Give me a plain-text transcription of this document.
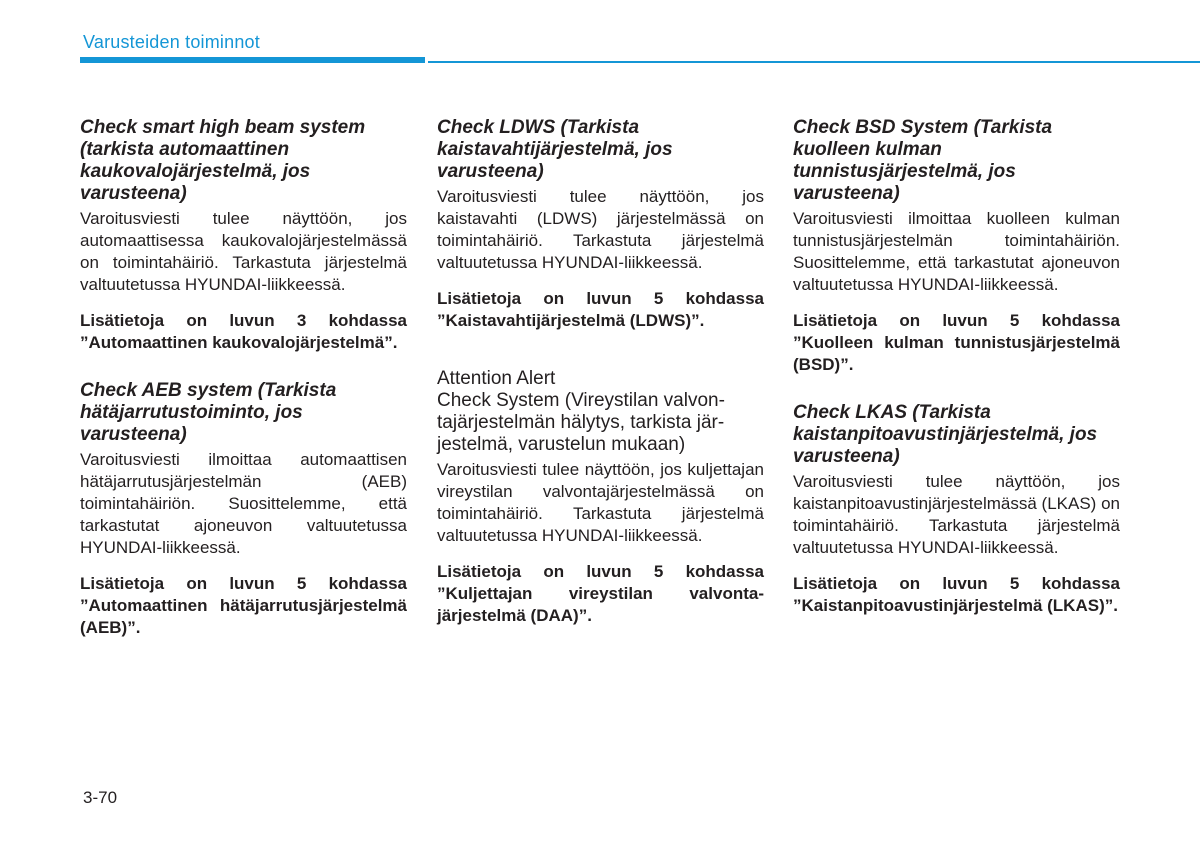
Varusteiden toiminnot

Check smart high beam system (tarkista automaattinen kaukovalojärjestelmä, jos varusteena)

Varoitusviesti tulee näyttöön, jos automaattisessa kaukovalojärjestelmässä on toimintahäiriö. Tarkastuta järjestelmä valtuutetussa HYUNDAI-liikkeessä.

Lisätietoja on luvun 3 kohdassa ”Automaattinen kaukovalojärjestelmä”.

Check AEB system (Tarkista hätäjarrutustoiminto, jos varusteena)

Varoitusviesti ilmoittaa automaattisen hätäjarrutusjärjestelmän (AEB) toimintahäiriön. Suosittelemme, että tarkastutat ajoneuvon valtuutetussa HYUNDAI-liikkeessä.

Lisätietoja on luvun 5 kohdassa ”Automaattinen hätäjarrutusjärjestelmä (AEB)”.

Check LDWS (Tarkista kaistavahtijärjestelmä, jos varusteena)

Varoitusviesti tulee näyttöön, jos kaistavahti (LDWS) järjestelmässä on toimintahäiriö. Tarkastuta järjestelmä valtuutetussa HYUNDAI-liikkeessä.

Lisätietoja on luvun 5 kohdassa ”Kaistavahtijärjestelmä (LDWS)”.

Attention Alert
Check System (Vireystilan valvontajärjestelmän hälytys, tarkista järjestelmä, varustelun mukaan)

Varoitusviesti tulee näyttöön, jos kuljettajan vireystilan valvontajärjestelmässä on toimintahäiriö. Tarkastuta järjestelmä valtuutetussa HYUNDAI-liikkeessä.

Lisätietoja on luvun 5 kohdassa ”Kuljettajan vireystilan valvontajärjestelmä (DAA)”.

Check BSD System (Tarkista kuolleen kulman tunnistusjärjestelmä, jos varusteena)

Varoitusviesti ilmoittaa kuolleen kulman tunnistusjärjestelmän toimintahäiriön. Suosittelemme, että tarkastutat ajoneuvon valtuutetussa HYUNDAI-liikkeessä.

Lisätietoja on luvun 5 kohdassa ”Kuolleen kulman tunnistusjärjestelmä (BSD)”.

Check LKAS (Tarkista kaistanpitoavustinjärjestelmä, jos varusteena)

Varoitusviesti tulee näyttöön, jos kaistanpitoavustinjärjestelmässä (LKAS) on toimintahäiriö. Tarkastuta järjestelmä valtuutetussa HYUNDAI-liikkeessä.

Lisätietoja on luvun 5 kohdassa ”Kaistanpitoavustinjärjestelmä (LKAS)”.

3-70
